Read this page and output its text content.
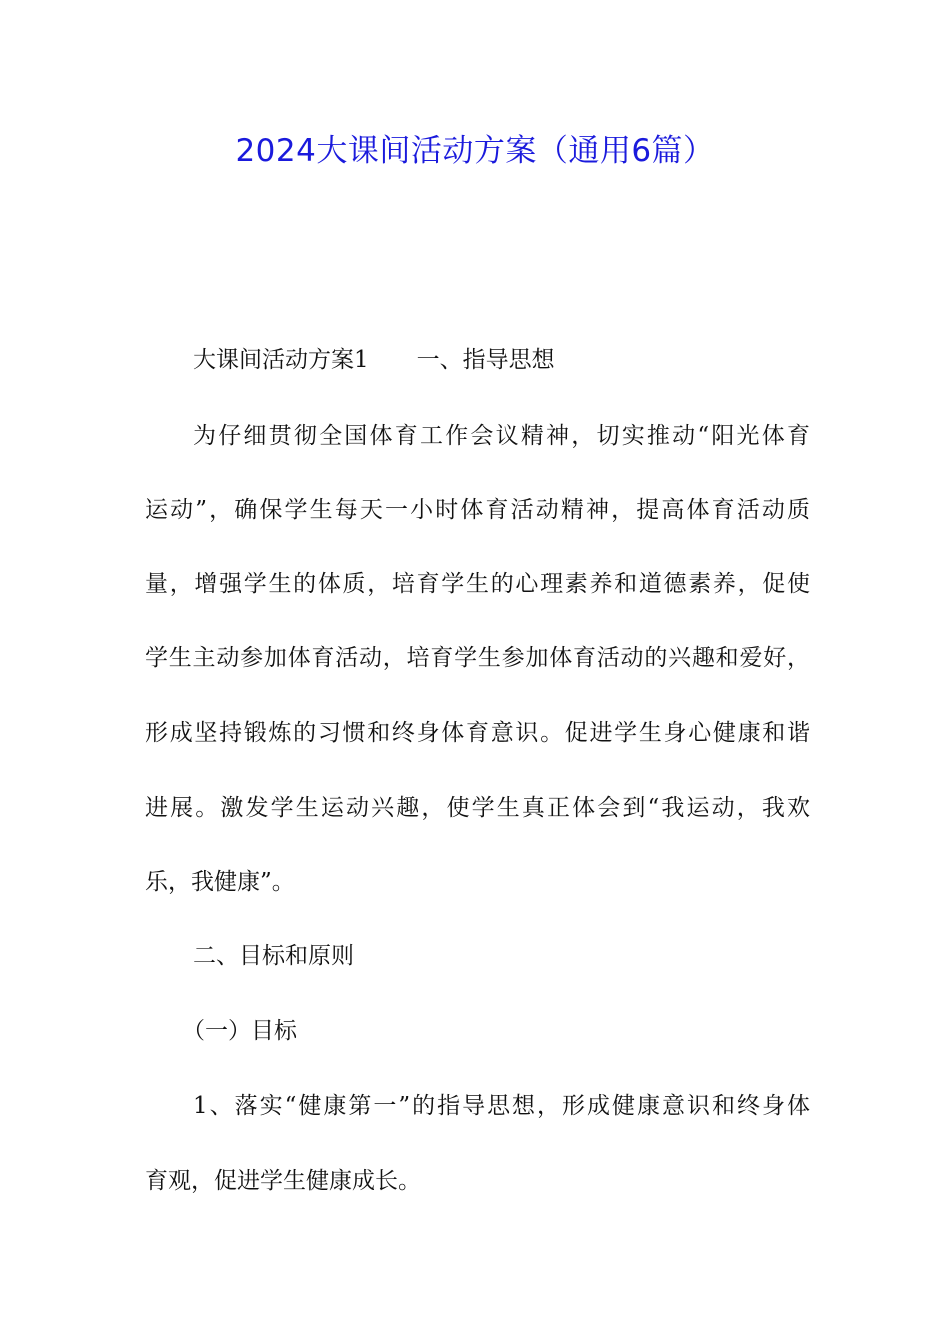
2024大课间活动方案（通用6篇）
大课间活动方案1 一、指导思想
为仔细贯彻全国体育工作会议精神，切实推动“阳光体育
运动”，确保学生每天一小时体育活动精神，提高体育活动质
量，增强学生的体质，培育学生的心理素养和道德素养，促使
学生主动参加体育活动，培育学生参加体育活动的兴趣和爱好，
形成坚持锻炼的习惯和终身体育意识。促进学生身心健康和谐
进展。激发学生运动兴趣，使学生真正体会到“我运动，我欢
乐，我健康”。
二、目标和原则
（一）目标
1、落实“健康第一”的指导思想，形成健康意识和终身体
育观，促进学生健康成长。
